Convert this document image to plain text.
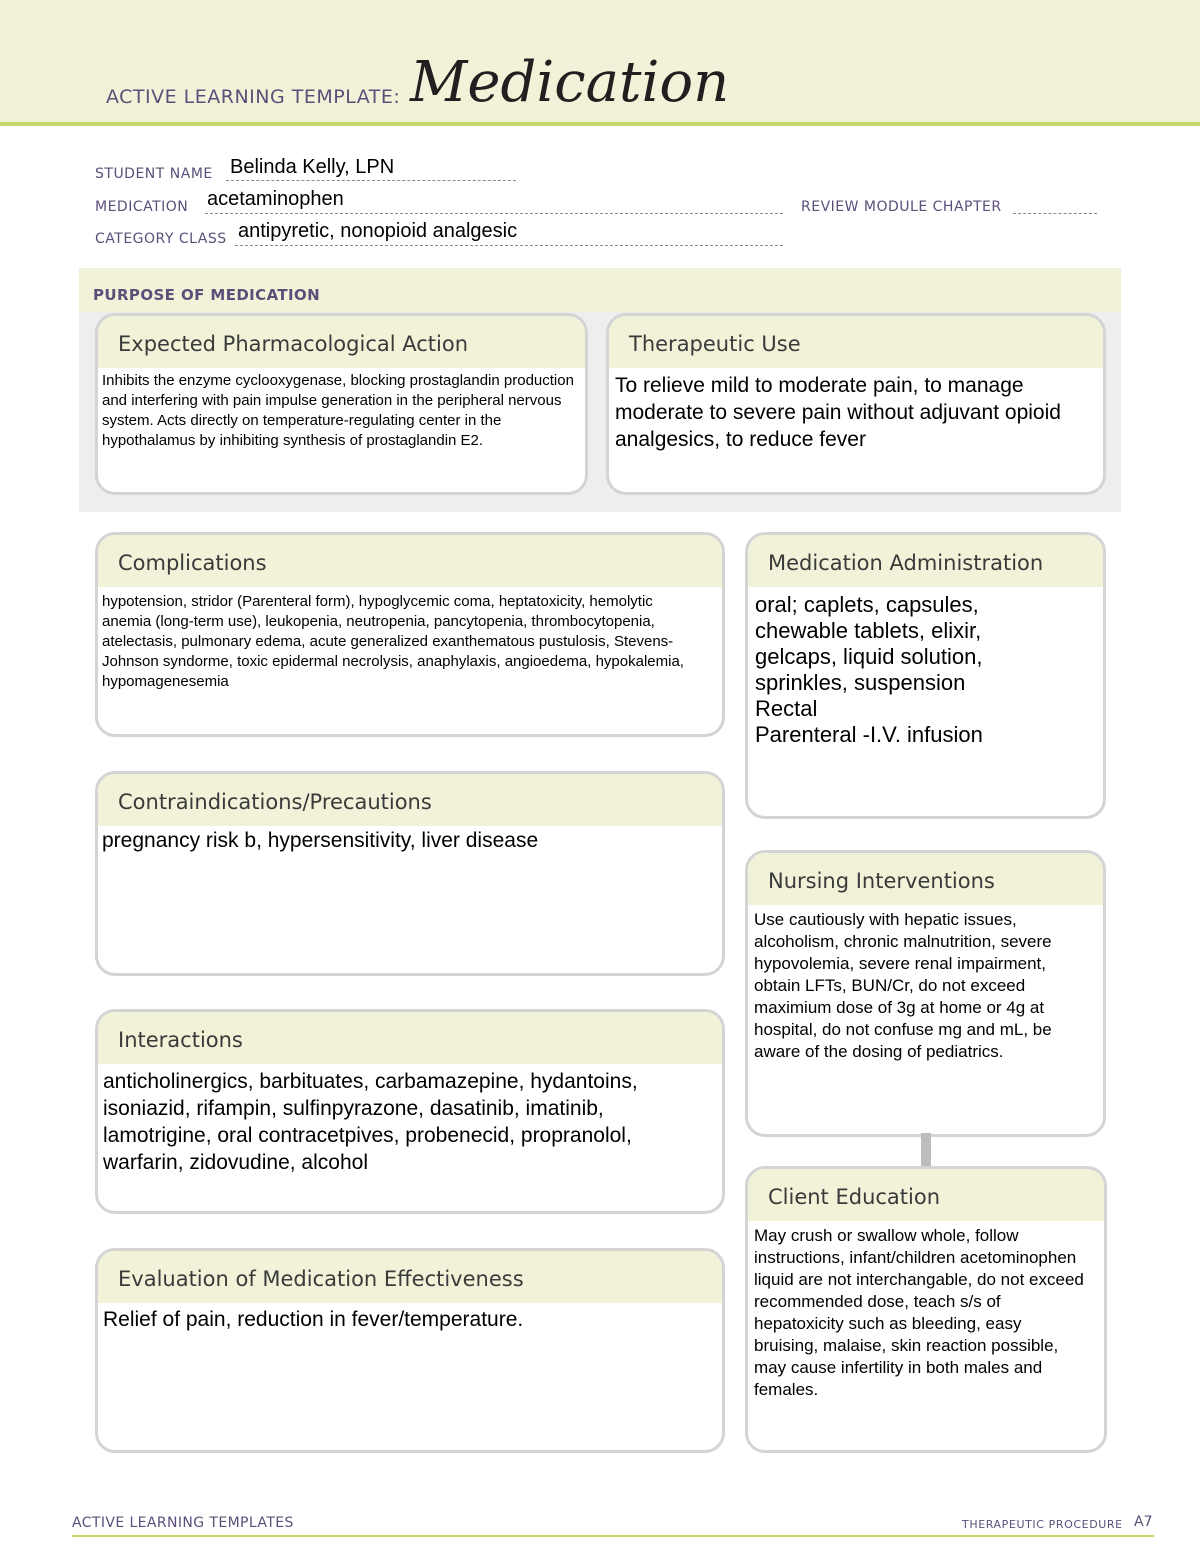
ACTIVE LEARNING TEMPLATE: Medication
STUDENT NAME Belinda Kelly, LPN
MEDICATION acetaminophen	REVIEW MODULE CHAPTER
CATEGORY CLASS antipyretic, nonopioid analgesic
PURPOSE OF MEDICATION
Expected Pharmacological Action
Inhibits the enzyme cyclooxygenase, blocking prostaglandin production and interfering with pain impulse generation in the peripheral nervous system. Acts directly on temperature-regulating center in the hypothalamus by inhibiting synthesis of prostaglandin E2.
Therapeutic Use
To relieve mild to moderate pain, to manage moderate to severe pain without adjuvant opioid analgesics, to reduce fever
Complications
hypotension, stridor (Parenteral form), hypoglycemic coma, heptatoxicity, hemolytic anemia (long-term use), leukopenia, neutropenia, pancytopenia, thrombocytopenia, atelectasis, pulmonary edema, acute generalized exanthematous pustulosis, Stevens-Johnson syndorme, toxic epidermal necrolysis, anaphylaxis, angioedema, hypokalemia, hypomagenesemia
Medication Administration
oral; caplets, capsules,
chewable tablets, elixir,
gelcaps, liquid solution,
sprinkles, suspension
Rectal
Parenteral -I.V. infusion
Contraindications/Precautions
pregnancy risk b, hypersensitivity, liver disease
Nursing Interventions
Use cautiously with hepatic issues, alcoholism, chronic malnutrition, severe hypovolemia, severe renal impairment, obtain LFTs, BUN/Cr, do not exceed maximium dose of 3g at home or 4g at hospital, do not confuse mg and mL, be aware of the dosing of pediatrics.
Interactions
anticholinergics, barbituates, carbamazepine, hydantoins, isoniazid, rifampin, sulfinpyrazone, dasatinib, imatinib, lamotrigine, oral contracetpives, probenecid, propranolol, warfarin, zidovudine, alcohol
Client Education
May crush or swallow whole, follow instructions, infant/children acetominophen liquid are not interchangable, do not exceed recommended dose, teach s/s of hepatoxicity such as bleeding, easy bruising, malaise, skin reaction possible, may cause infertility in both males and females.
Evaluation of Medication Effectiveness
Relief of pain, reduction in fever/temperature.
ACTIVE LEARNING TEMPLATES	THERAPEUTIC PROCEDURE A7
